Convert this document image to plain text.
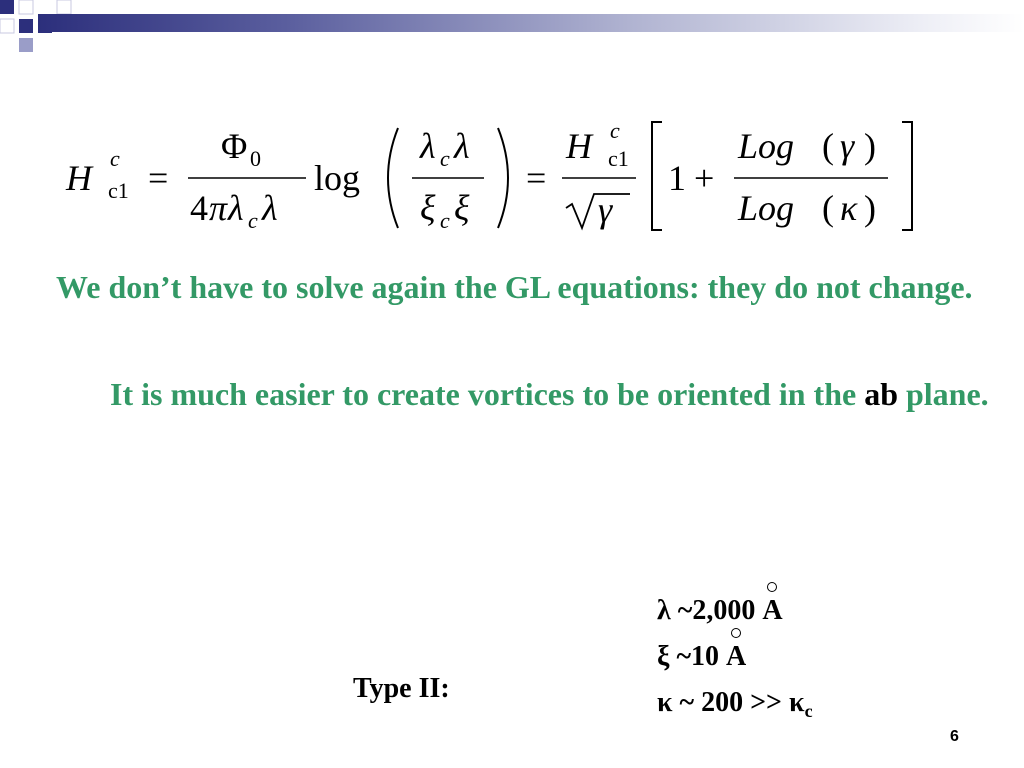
H c
c1 =
Φ 0
4 π λ c λ
log
λ c λ
ξ c ξ
=
H c
c1
γ
1 +
Log ( γ )
Log ( κ )
We don’t have to solve again the GL equations: they do not change.
It is much easier to create vortices to be oriented in the ab plane.
Type II:
λ ~2,000 A
ξ ~10 A
κ ~ $200 >> \kappa_c$
6
